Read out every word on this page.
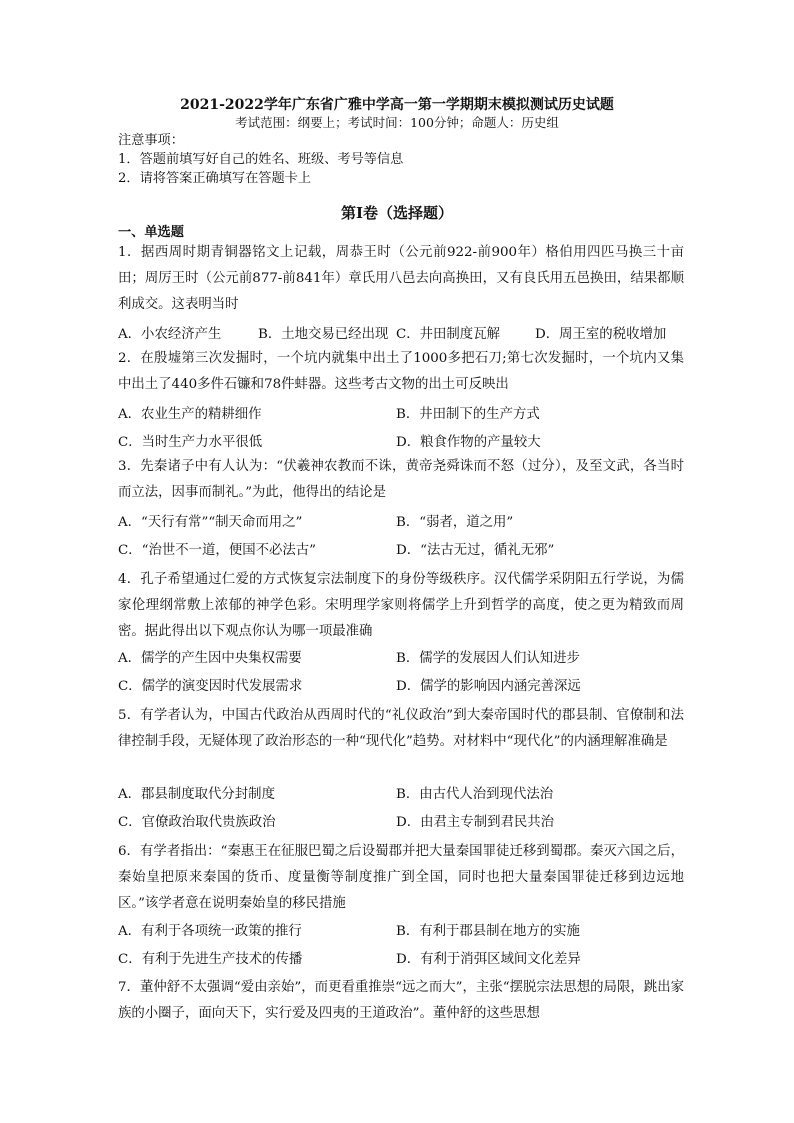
2021-2022学年广东省广雅中学高一第一学期期末模拟测试历史试题
考试范围：纲要上；考试时间：100分钟；命题人：历史组
注意事项：
1．答题前填写好自己的姓名、班级、考号等信息
2．请将答案正确填写在答题卡上
第I卷（选择题）
一、单选题
1．据西周时期青铜器铭文上记载，周恭王时（公元前922-前900年）格伯用四匹马换三十亩田；周厉王时（公元前877-前841年）章氏用八邑去向高换田，又有良氏用五邑换田，结果都顺利成交。这表明当时
A．小农经济产生	B．土地交易已经出现 C．井田制度瓦解	D．周王室的税收增加
2．在殷墟第三次发掘时，一个坑内就集中出土了1000多把石刀;第七次发掘时，一个坑内又集中出土了440多件石镰和78件蚌器。这些考古文物的出土可反映出
A．农业生产的精耕细作	B．井田制下的生产方式
C．当时生产力水平很低	D．粮食作物的产量较大
3．先秦诸子中有人认为：“伏羲神农教而不诛，黄帝尧舜诛而不怒（过分），及至文武，各当时而立法，因事而制礼。”为此，他得出的结论是
A．“天行有常”“制天命而用之”	B．“弱者，道之用”
C．“治世不一道，便国不必法古”	D．“法古无过，循礼无邪”
4．孔子希望通过仁爱的方式恢复宗法制度下的身份等级秩序。汉代儒学采阴阳五行学说，为儒家伦理纲常敷上浓郁的神学色彩。宋明理学家则将儒学上升到哲学的高度，使之更为精致而周密。据此得出以下观点你认为哪一项最准确
A．儒学的产生因中央集权需要	B．儒学的发展因人们认知进步
C．儒学的演变因时代发展需求	D．儒学的影响因内涵完善深远
5．有学者认为，中国古代政治从西周时代的“礼仪政治”到大秦帝国时代的郡县制、官僚制和法律控制手段，无疑体现了政治形态的一种“现代化”趋势。对材料中“现代化”的内涵理解准确是
A．郡县制度取代分封制度	B．由古代人治到现代法治
C．官僚政治取代贵族政治	D．由君主专制到君民共治
6．有学者指出：“秦惠王在征服巴蜀之后设蜀郡并把大量秦国罪徒迁移到蜀郡。秦灭六国之后，秦始皇把原来秦国的货币、度量衡等制度推广到全国，同时也把大量秦国罪徒迁移到边远地区。”该学者意在说明秦始皇的移民措施
A．有利于各项统一政策的推行	B．有利于郡县制在地方的实施
C．有利于先进生产技术的传播	D．有利于消弭区域间文化差异
7．董仲舒不太强调“爱由亲始”，而更看重推崇“远之而大”，主张“摆脱宗法思想的局限，跳出家族的小圈子，面向天下，实行爱及四夷的王道政治”。董仲舒的这些思想
